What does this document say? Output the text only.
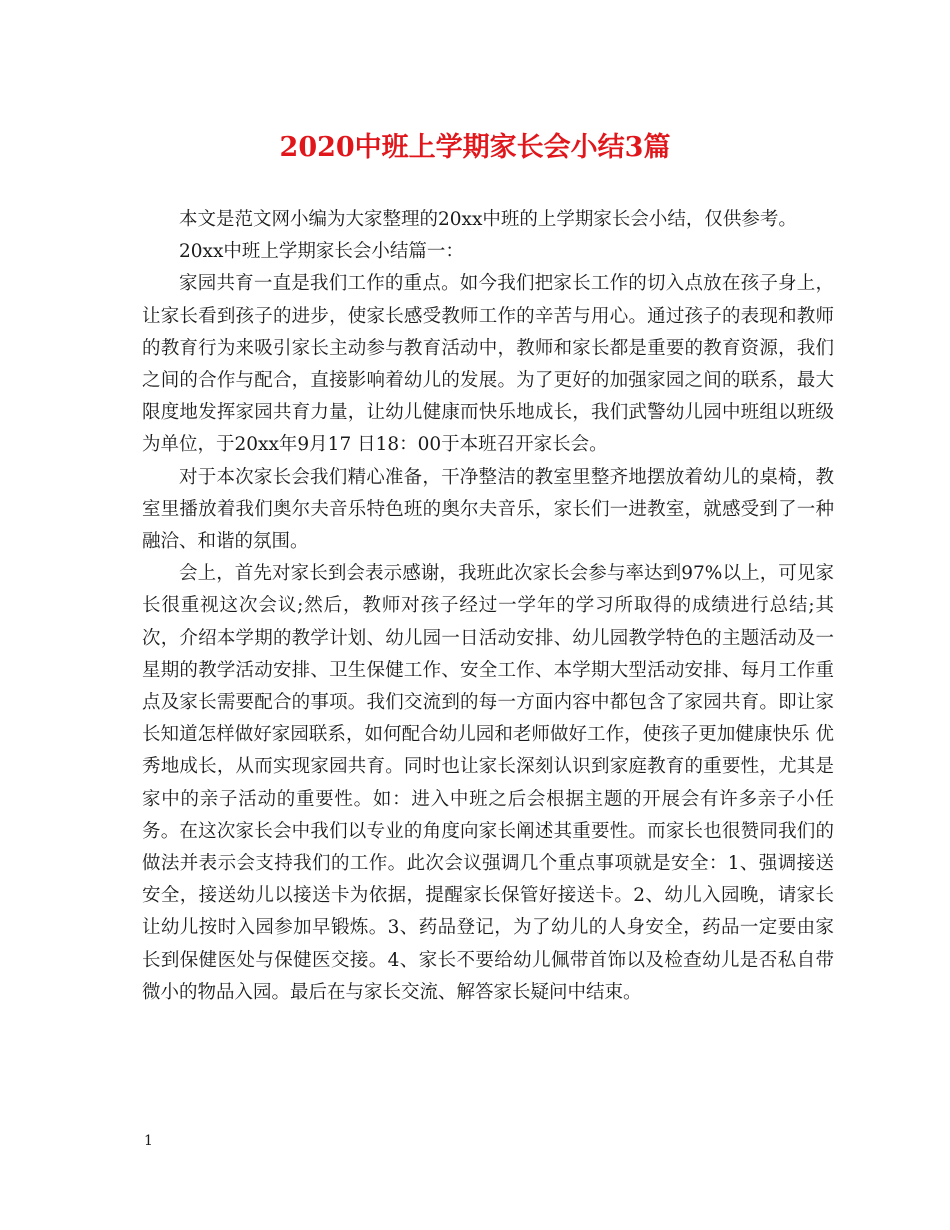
2020中班上学期家长会小结3篇

本文是范文网小编为大家整理的20xx中班的上学期家长会小结，仅供参考。

20xx中班上学期家长会小结篇一：

家园共育一直是我们工作的重点。如今我们把家长工作的切入点放在孩子身上，让家长看到孩子的进步，使家长感受教师工作的辛苦与用心。通过孩子的表现和教师的教育行为来吸引家长主动参与教育活动中，教师和家长都是重要的教育资源，我们之间的合作与配合，直接影响着幼儿的发展。为了更好的加强家园之间的联系，最大限度地发挥家园共育力量，让幼儿健康而快乐地成长，我们武警幼儿园中班组以班级为单位，于20xx年9月17 日18：00于本班召开家长会。

对于本次家长会我们精心准备，干净整洁的教室里整齐地摆放着幼儿的桌椅，教室里播放着我们奥尔夫音乐特色班的奥尔夫音乐，家长们一进教室，就感受到了一种融洽、和谐的氛围。

会上，首先对家长到会表示感谢，我班此次家长会参与率达到97%以上，可见家长很重视这次会议;然后，教师对孩子经过一学年的学习所取得的成绩进行总结;其次，介绍本学期的教学计划、幼儿园一日活动安排、幼儿园教学特色的主题活动及一星期的教学活动安排、卫生保健工作、安全工作、本学期大型活动安排、每月工作重点及家长需要配合的事项。我们交流到的每一方面内容中都包含了家园共育。即让家长知道怎样做好家园联系，如何配合幼儿园和老师做好工作，使孩子更加健康快乐 优秀地成长，从而实现家园共育。同时也让家长深刻认识到家庭教育的重要性，尤其是家中的亲子活动的重要性。如：进入中班之后会根据主题的开展会有许多亲子小任务。在这次家长会中我们以专业的角度向家长阐述其重要性。而家长也很赞同我们的做法并表示会支持我们的工作。此次会议强调几个重点事项就是安全：1、强调接送安全，接送幼儿以接送卡为依据，提醒家长保管好接送卡。2、幼儿入园晚，请家长让幼儿按时入园参加早锻炼。3、药品登记，为了幼儿的人身安全，药品一定要由家长到保健医处与保健医交接。4、家长不要给幼儿佩带首饰以及检查幼儿是否私自带微小的物品入园。最后在与家长交流、解答家长疑问中结束。

1
